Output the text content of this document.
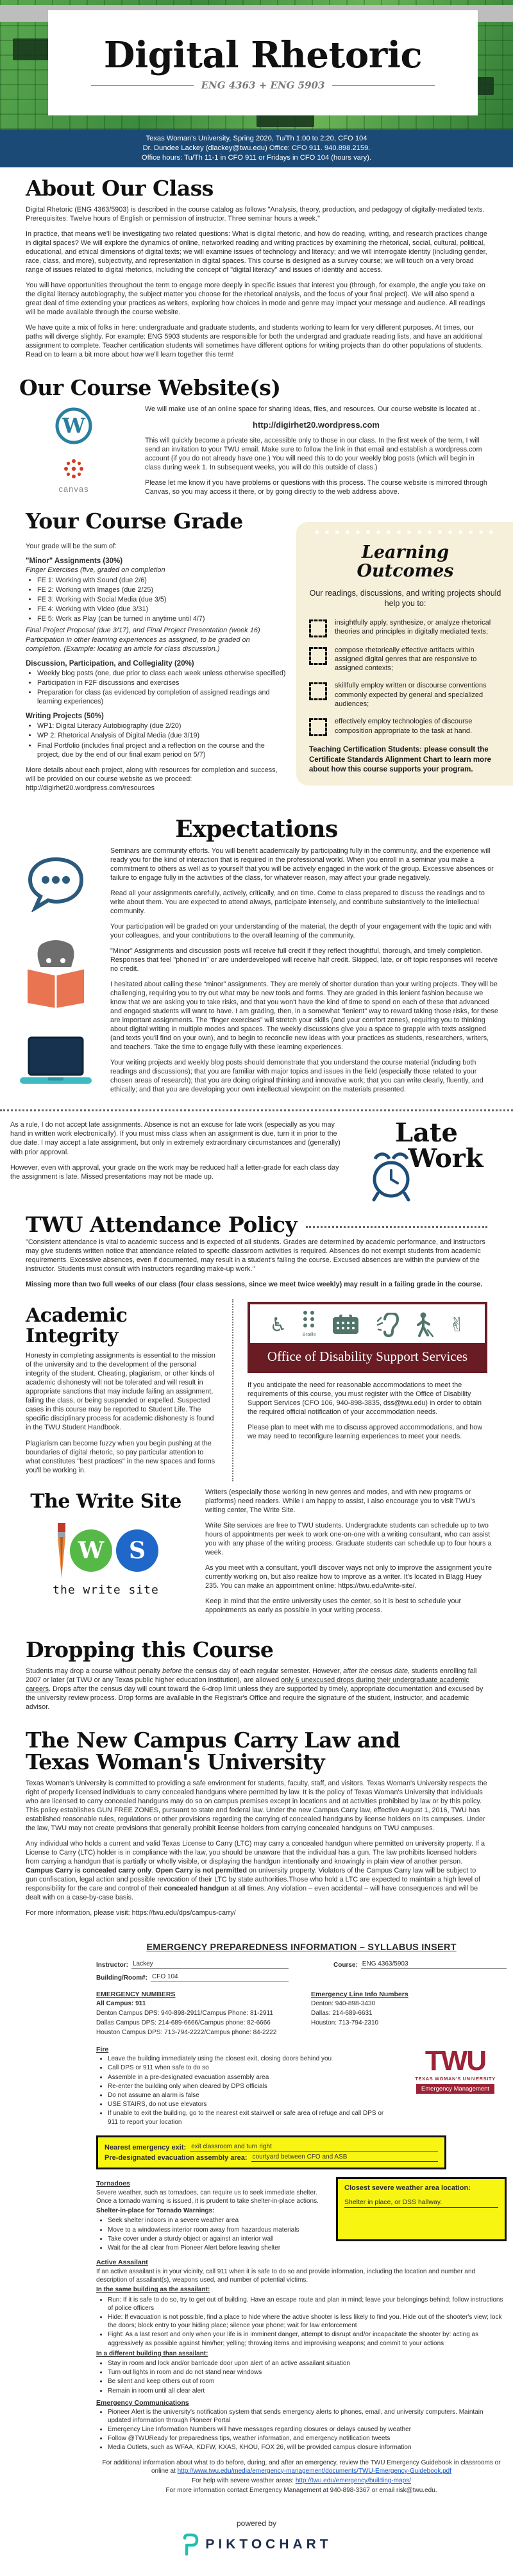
Digital Rhetoric
ENG 4363 + ENG 5903
Texas Woman's University, Spring 2020, Tu/Th 1:00 to 2:20, CFO 104
Dr. Dundee Lackey (dlackey@twu.edu) Office: CFO 911. 940.898.2159.
Office hours: Tu/Th 11-1 in CFO 911 or Fridays in CFO 104 (hours vary).
About Our Class

Digital Rhetoric (ENG 4363/5903) is described in the course catalog as follows "Analysis, theory, production, and pedagogy of digitally-mediated texts. Prerequisites: Twelve hours of English or permission of instructor. Three seminar hours a week."

In practice, that means we'll be investigating two related questions: What is digital rhetoric, and how do reading, writing, and research practices change in digital spaces? We will explore the dynamics of online, networked reading and writing practices by examining the rhetorical, social, cultural, political, educational, and ethical dimensions of digital texts; we will examine issues of technology and literacy; and we will interrogate identity (including gender, race, class, and more), subjectivity, and representation in digital spaces. This course is designed as a survey course; we will touch on a very broad range of issues related to digital rhetorics, including the concept of "digital literacy" and issues of identity and access.

You will have opportunities throughout the term to engage more deeply in specific issues that interest you (through, for example, the angle you take on the digital literacy autobiography, the subject matter you choose for the rhetorical analysis, and the focus of your final project). We will also spend a great deal of time extending your practices as writers, exploring how choices in mode and genre may impact your message and audience. All readings will be made available through the course website.

We have quite a mix of folks in here: undergraduate and graduate students, and students working to learn for very different purposes. At times, our paths will diverge slightly. For example: ENG 5903 students are responsible for both the undergrad and graduate reading lists, and have an additional assignment to complete. Teacher certification students will sometimes have different options for writing projects than do other populations of students. Read on to learn a bit more about how we'll learn together this term!

Our Course Website(s)
W
canvas

We will make use of an online space for sharing ideas, files, and resources. Our course website is located at .

http://digirhet20.wordpress.com

This will quickly become a private site, accessible only to those in our class. In the first week of the term, I will send an invitation to your TWU email. Make sure to follow the link in that email and establish a wordpress.com account (if you do not already have one.) You will need this to do your weekly blog posts (which will begin in class during week 1. In subsequent weeks, you will do this outside of class.)

Please let me know if you have problems or questions with this process. The course website is mirrored through Canvas, so you may access it there, or by going directly to the web address above.

Your Course Grade

Your grade will be the sum of:

"Minor" Assignments (30%)
Finger Exercises (five, graded on completion
• FE 1: Working with Sound (due 2/6)
• FE 2: Working with Images (due 2/25)
• FE 3: Working with Social Media (due 3/5)
• FE 4: Working with Video (due 3/31)
• FE 5: Work as Play (can be turned in anytime until 4/7)
Final Project Proposal (due 3/17), and Final Project Presentation (week 16)
Participation in other learning experiences as assigned, to be graded on completion. (Example: locating an article for class discussion.)
Discussion, Participation, and Collegiality (20%)
• Weekly blog posts (one, due prior to class each week unless otherwise specified)
• Participation in F2F discussions and exercises
• Preparation for class (as evidenced by completion of assigned readings and learning experiences)
Writing Projects (50%)
• WP1: Digital Literacy Autobiography (due 2/20)
• WP 2: Rhetorical Analysis of Digital Media (due 3/19)
• Final Portfolio (includes final project and a reflection on the course and the project, due by the end of our final exam period on 5/7)

More details about each project, along with resources for completion and success, will be provided on our course website as we proceed: http://digirhet20.wordpress.com/resources

Learning
Outcomes
Our readings, discussions, and writing projects should help you to:
insightfully apply, synthesize, or analyze rhetorical theories and principles in digitally mediated texts;
compose rhetorically effective artifacts within assigned digital genres that are responsive to assigned contexts;
skillfully employ written or discourse conventions commonly expected by general and specialized audiences;
effectively employ technologies of discourse composition appropriate to the task at hand.
Teaching Certification Students: please consult the Certificate Standards Alignment Chart to learn more about how this course supports your program.
Expectations

Seminars are community efforts. You will benefit academically by participating fully in the community, and the experience will ready you for the kind of interaction that is required in the professional world. When you enroll in a seminar you make a commitment to others as well as to yourself that you will be actively engaged in the work of the group. Excessive absences or failure to engage fully in the activities of the class, for whatever reason, may affect your grade negatively.

Read all your assignments carefully, actively, critically, and on time. Come to class prepared to discuss the readings and to write about them. You are expected to attend always, participate intensely, and contribute substantively to the intellectual community.

Your participation will be graded on your understanding of the material, the depth of your engagement with the topic and with your colleagues, and your contributions to the overall learning of the community.

"Minor" Assignments and discussion posts will receive full credit if they reflect thoughtful, thorough, and timely completion. Responses that feel "phoned in" or are underdeveloped will receive half credit. Skipped, late, or off topic responses will receive no credit.

I hesitated about calling these “minor” assignments. They are merely of shorter duration than your writing projects. They will be challenging, requiring you to try out what may be new tools and forms. They are graded in this lenient fashion because we know that we are asking you to take risks, and that you won't have the kind of time to spend on each of these that advanced and engaged students will want to have. I am grading, then, in a somewhat "lenient" way to reward taking those risks, for these are important assignments. The “finger exercises” will stretch your skills (and your comfort zones), requiring you to thinking about digital writing in multiple modes and spaces. The weekly discussions give you a space to grapple with texts assigned (and texts you'll find on your own), and to begin to reconcile new ideas with your practices as students, researchers, writers, and teachers. Take the time to engage fully with these learning experiences.

Your writing projects and weekly blog posts should demonstrate that you understand the course material (including both readings and discussions); that you are familiar with major topics and issues in the field (especially those related to your chosen areas of research); that you are doing original thinking and innovative work; that you can write clearly, fluently, and ethically; and that you are developing your own intellectual viewpoint on the materials presented.

As a rule, I do not accept late assignments. Absence is not an excuse for late work (especially as you may hand in written work electronically). If you must miss class when an assignment is due, turn it in prior to the due date. I may accept a late assignment, but only in extremely extraordinary circumstances and (generally) with prior approval.

However, even with approval, your grade on the work may be reduced half a letter-grade for each class day the assignment is late. Missed presentations may not be made up.

Late
Work
TWU Attendance Policy

"Consistent attendance is vital to academic success and is expected of all students. Grades are determined by academic performance, and instructors may give students written notice that attendance related to specific classroom activities is required. Absences do not exempt students from academic requirements. Excessive absences, even if documented, may result in a student's failing the course. Excused absences are within the purview of the instructor. Students must consult with instructors regarding make-up work."

Missing more than two full weeks of our class (four class sessions, since we meet twice weekly) may result in a failing grade in the course.

Academic Integrity

Honesty in completing assignments is essential to the mission of the university and to the development of the personal integrity of the student. Cheating, plagiarism, or other kinds of academic dishonesty will not be tolerated and will result in appropriate sanctions that may include failing an assignment, failing the class, or being suspended or expelled. Suspected cases in this course may be reported to Student Life. The specific disciplinary process for academic dishonesty is found in the TWU Student Handbook.

Plagiarism can become fuzzy when you begin pushing at the boundaries of digital rhetoric, so pay particular attention to what constitutes "best practices" in the new spaces and forms you'll be working in.

♿	Braille	✌
Office of Disability Support Services

If you anticipate the need for reasonable accommodations to meet the requirements of this course, you must register with the Office of Disability Support Services (CFO 106, 940-898-3835, dss@twu.edu) in order to obtain the required official notification of your accommodation needs.

Please plan to meet with me to discuss approved accommodations, and how we may need to reconfigure learning experiences to meet your needs.

The Write Site
W	S
the write site

Writers (especially those working in new genres and modes, and with new programs or platforms) need readers. While I am happy to assist, I also encourage you to visit TWU's writing center, The Write Site.

Write Site services are free to TWU students. Undergradute students can schedule up to two hours of appointments per week to work one-on-one with a writing consultant, who can assist you with any phase of the writing process. Graduate students can schedule up to four hours a week.

As you meet with a consultant, you'll discover ways not only to improve the assignment you're currently working on, but also realize how to improve as a writer. It's located in Blagg Huey 235. You can make an appointment online: https://twu.edu/write-site/.

Keep in mind that the entire university uses the center, so it is best to schedule your appointments as early as possible in your writing process.

Dropping this Course

Students may drop a course without penalty before the census day of each regular semester. However, after the census date, students enrolling fall 2007 or later (at TWU or any Texas public higher education institution), are allowed only 6 unexcused drops during their undergraduate academic careers. Drops after the census day will count toward the 6-drop limit unless they are supported by timely, appropriate documentation and excused by the university review process. Drop forms are available in the Registrar's Office and require the signature of the student, instructor, and academic advisor.

The New Campus Carry Law and
Texas Woman's University

Texas Woman's University is committed to providing a safe environment for students, faculty, staff, and visitors. Texas Woman's University respects the right of properly licensed individuals to carry concealed handguns where permitted by law. It is the policy of Texas Woman's University that individuals who are licensed to carry concealed handguns may do so on campus premises except in locations and at activities prohibited by law or by this policy. This policy establishes GUN FREE ZONES, pursuant to state and federal law. Under the new Campus Carry law, effective August 1, 2016, TWU has established reasonable rules, regulations or other provisions regarding the carrying of concealed handguns by license holders on its campuses. Under the law, TWU may not create provisions that generally prohibit license holders from carrying concealed handguns on TWU campuses.

Any individual who holds a current and valid Texas License to Carry (LTC) may carry a concealed handgun where permitted on university property. If a License to Carry (LTC) holder is in compliance with the law, you should be unaware that the individual has a gun. The law prohibits licensed holders from carrying a handgun that is partially or wholly visible, or displaying the handgun intentionally and knowingly in plain view of another person. Campus Carry is concealed carry only. Open Carry is not permitted on university property. Violators of the Campus Carry law will be subject to gun confiscation, legal action and possible revocation of their LTC by state authorities.Those who hold a LTC are expected to maintain a high level of responsibility for the care and control of their concealed handgun at all times. Any violation – even accidental – will have consequences and will be dealt with on a case-by-case basis.

For more information, please visit: https://twu.edu/dps/campus-carry/

EMERGENCY PREPAREDNESS INFORMATION – SYLLABUS INSERT
Instructor: Lackey	Course: ENG 4363/5903
Building/Room#: CFO 104
EMERGENCY NUMBERS

All Campus: 911

Denton Campus DPS: 940-898-2911/Campus Phone: 81-2911

Dallas Campus DPS: 214-689-6666/Campus phone: 82-6666

Houston Campus DPS: 713-794-2222/Campus phone: 84-2222

Emergency Line Info Numbers

Denton: 940-898-3430

Dallas: 214-689-6631

Houston: 713-794-2310

Fire
• Leave the building immediately using the closest exit, closing doors behind you
• Call DPS or 911 when safe to do so
• Assemble in a pre-designated evacuation assembly area
• Re-enter the building only when cleared by DPS officials
• Do not assume an alarm is false
• USE STAIRS, do not use elevators
• If unable to exit the building, go to the nearest exit stairwell or safe area of refuge and call DPS or 911 to report your location
TWU
TEXAS WOMAN'S UNIVERSITY
Emergency Management
Nearest emergency exit: exit classroom and turn right
Pre-designated evacuation assembly area: courtyard between CFO and ASB
Tornadoes

Severe weather, such as tornadoes, can require us to seek immediate shelter. Once a tornado warning is issued, it is prudent to take shelter-in-place actions.

Shelter-in-place for Tornado Warnings:

• Seek shelter indoors in a severe weather area
• Move to a windowless interior room away from hazardous materials
• Take cover under a sturdy object or against an interior wall
• Wait for the all clear from Pioneer Alert before leaving shelter
Closest severe weather area location:
Shelter in place, or DSS hallway.
Active Assailant

If an active assailant is in your vicinity, call 911 when it is safe to do so and provide information, including the location and number and description of assailant(s), weapons used, and number of potential victims.

In the same building as the assailant:

• Run: If it is safe to do so, try to get out of building. Have an escape route and plan in mind; leave your belongings behind; follow instructions of police officers
• Hide: If evacuation is not possible, find a place to hide where the active shooter is less likely to find you. Hide out of the shooter's view; lock the doors; block entry to your hiding place; silence your phone; wait for law enforcement
• Fight: As a last resort and only when your life is in imminent danger, attempt to disrupt and/or incapacitate the shooter by: acting as aggressively as possible against him/her; yelling; throwing items and improvising weapons; and commit to your actions

In a different building than assailant:

• Stay in room and lock and/or barricade door upon alert of an active assailant situation
• Turn out lights in room and do not stand near windows
• Be silent and keep others out of room
• Remain in room until all clear alert
Emergency Communications
• Pioneer Alert is the university's notification system that sends emergency alerts to phones, email, and university computers. Maintain updated information through Pioneer Portal
• Emergency Line Information Numbers will have messages regarding closures or delays caused by weather
• Follow @TWUReady for preparedness tips, weather information, and emergency notification tweets
• Media Outlets, such as WFAA, KDFW, KXAS, KHOU, FOX 26, will be provided campus closure information

For additional information about what to do before, during, and after an emergency, review the TWU Emergency Guidebook in classrooms or online at http://www.twu.edu/media/emergency-management/documents/TWU-Emergency-Guidebook.pdf

For help with severe weather areas: http://twu.edu/emergency/building-maps/

For more information contact Emergency Management at 940-898-3367 or email risk@twu.edu.

powered by
PIKTOCHART
